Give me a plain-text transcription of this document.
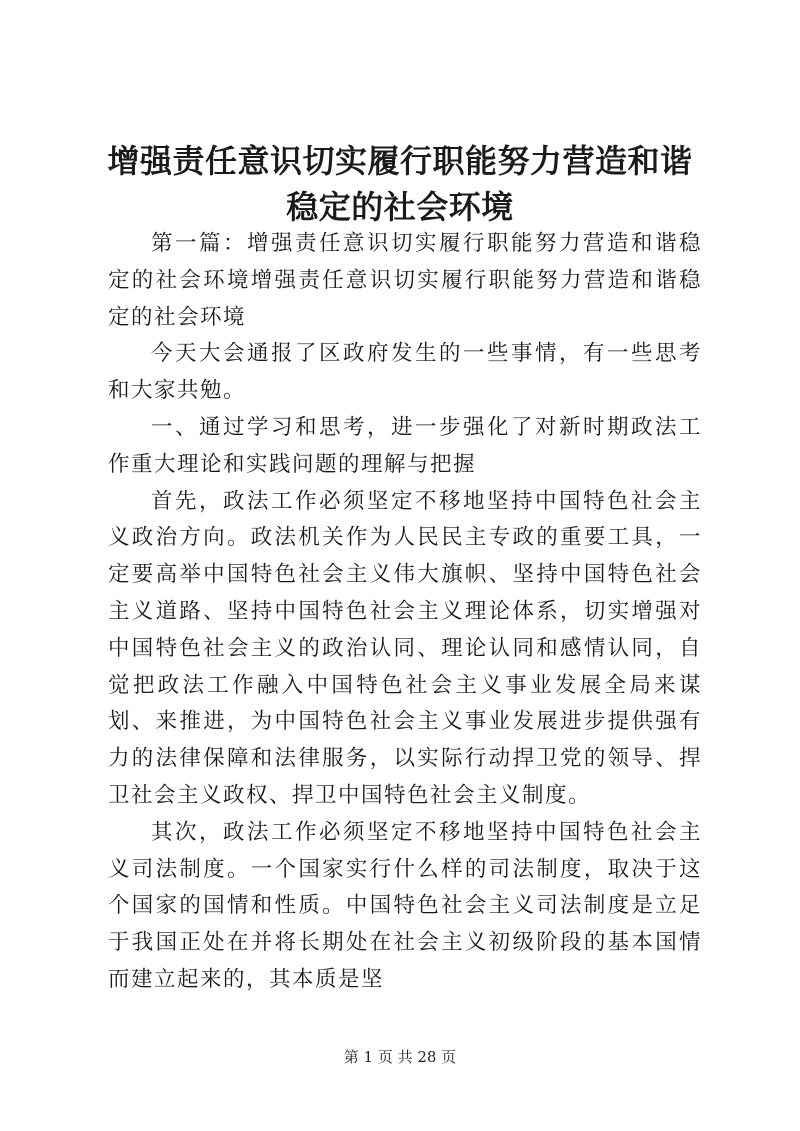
增强责任意识切实履行职能努力营造和谐稳定的社会环境

第一篇：增强责任意识切实履行职能努力营造和谐稳定的社会环境增强责任意识切实履行职能努力营造和谐稳定的社会环境

今天大会通报了区政府发生的一些事情，有一些思考和大家共勉。

一、通过学习和思考，进一步强化了对新时期政法工作重大理论和实践问题的理解与把握

首先，政法工作必须坚定不移地坚持中国特色社会主义政治方向。政法机关作为人民民主专政的重要工具，一定要高举中国特色社会主义伟大旗帜、坚持中国特色社会主义道路、坚持中国特色社会主义理论体系，切实增强对中国特色社会主义的政治认同、理论认同和感情认同，自觉把政法工作融入中国特色社会主义事业发展全局来谋划、来推进，为中国特色社会主义事业发展进步提供强有力的法律保障和法律服务，以实际行动捍卫党的领导、捍卫社会主义政权、捍卫中国特色社会主义制度。

其次，政法工作必须坚定不移地坚持中国特色社会主义司法制度。一个国家实行什么样的司法制度，取决于这个国家的国情和性质。中国特色社会主义司法制度是立足于我国正处在并将长期处在社会主义初级阶段的基本国情而建立起来的，其本质是坚

第 1 页 共 28 页
